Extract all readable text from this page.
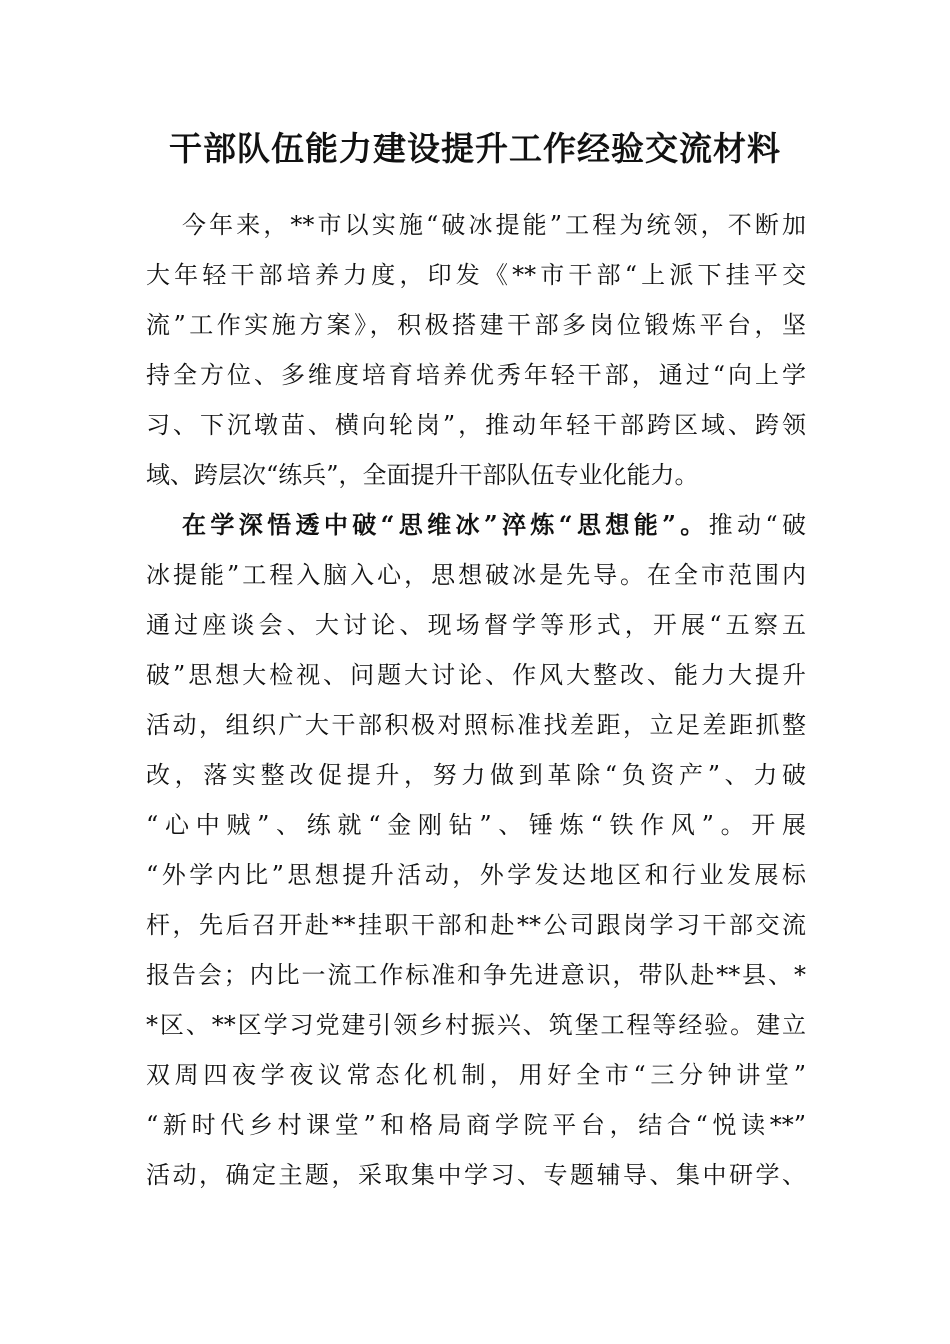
干部队伍能力建设提升工作经验交流材料
今年来，**市以实施“破冰提能”工程为统领，不断加
大年轻干部培养力度，印发《**市干部“上派下挂平交
流”工作实施方案》，积极搭建干部多岗位锻炼平台，坚
持全方位、多维度培育培养优秀年轻干部，通过“向上学
习、下沉墩苗、横向轮岗”，推动年轻干部跨区域、跨领
域、跨层次“练兵”，全面提升干部队伍专业化能力。
在学深悟透中破“思维冰”淬炼“思想能”。推动“破
冰提能”工程入脑入心，思想破冰是先导。在全市范围内
通过座谈会、大讨论、现场督学等形式，开展“五察五
破”思想大检视、问题大讨论、作风大整改、能力大提升
活动，组织广大干部积极对照标准找差距，立足差距抓整
改，落实整改促提升，努力做到革除“负资产”、力破
“心中贼”、练就“金刚钻”、锤炼“铁作风”。开展
“外学内比”思想提升活动，外学发达地区和行业发展标
杆，先后召开赴**挂职干部和赴**公司跟岗学习干部交流
报告会；内比一流工作标准和争先进意识，带队赴**县、*
*区、**区学习党建引领乡村振兴、筑堡工程等经验。建立
双周四夜学夜议常态化机制，用好全市“三分钟讲堂”
“新时代乡村课堂”和格局商学院平台，结合“悦读**”
活动，确定主题，采取集中学习、专题辅导、集中研学、
